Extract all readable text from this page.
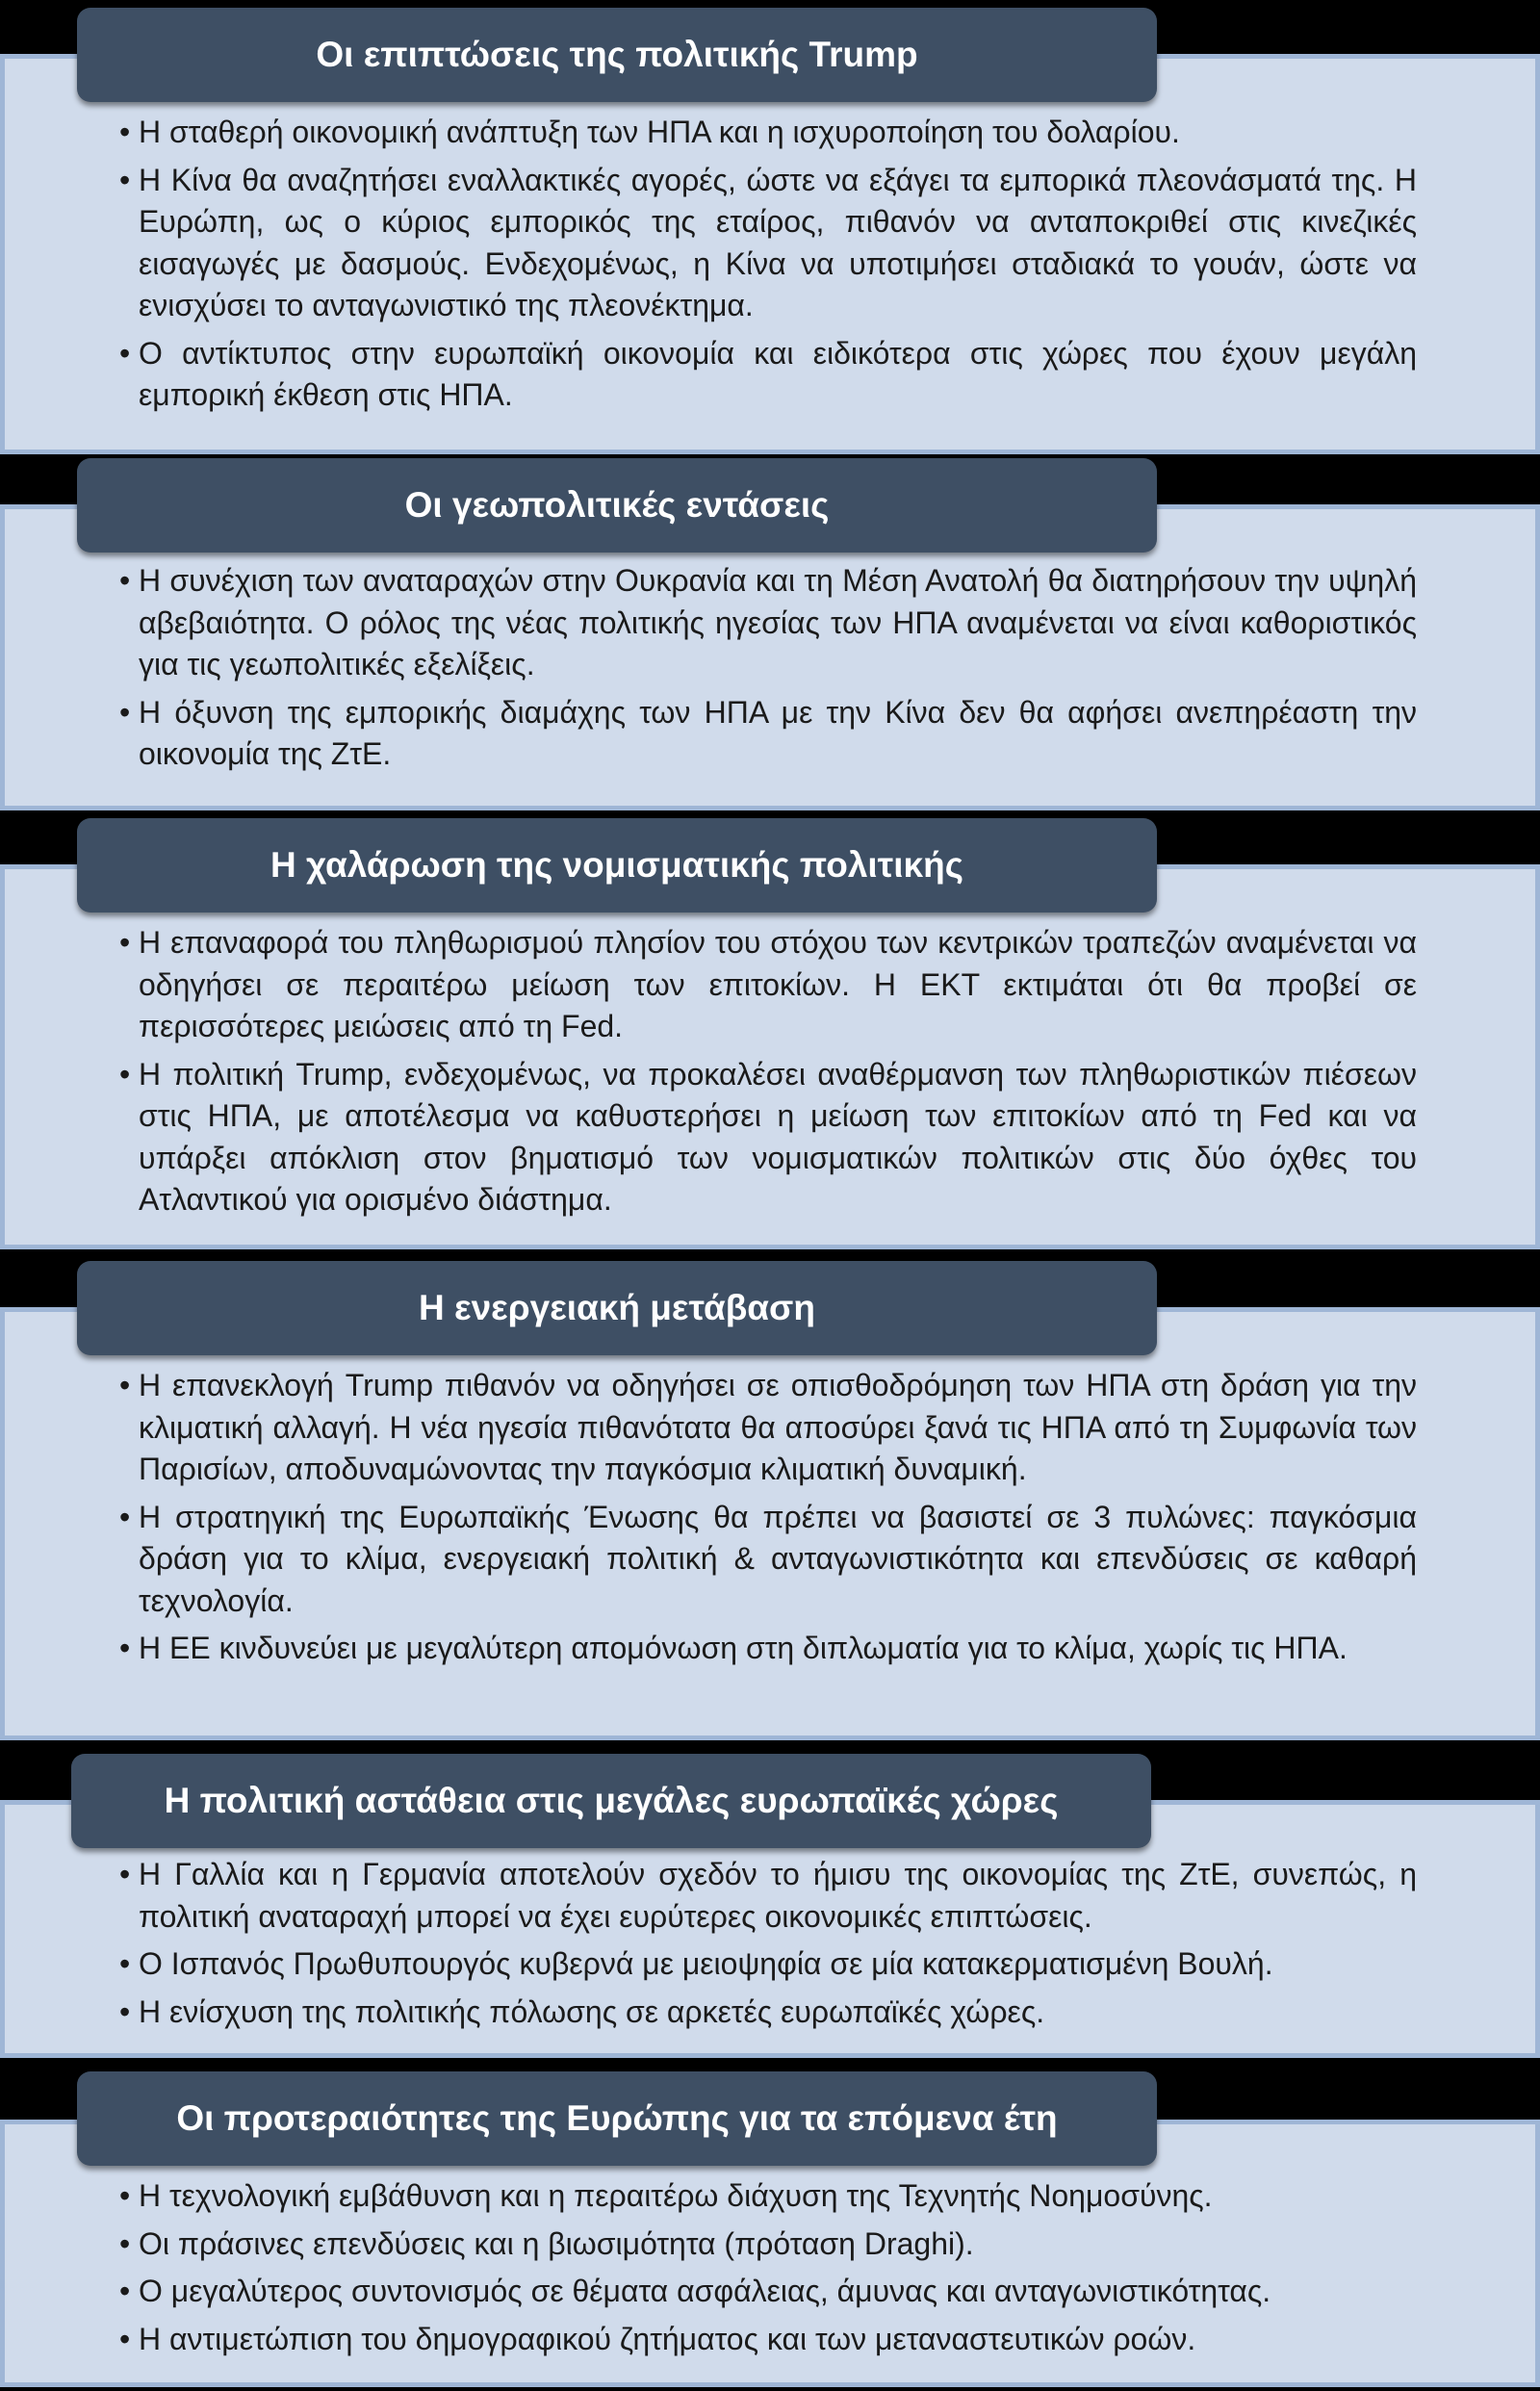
Οι επιπτώσεις της πολιτικής Trump
• Η σταθερή οικονομική ανάπτυξη των ΗΠΑ και η ισχυροποίηση του δολαρίου.
• Η Κίνα θα αναζητήσει εναλλακτικές αγορές, ώστε να εξάγει τα εμπορικά πλεονάσματά της. Η Ευρώπη, ως ο κύριος εμπορικός της εταίρος, πιθανόν να ανταποκριθεί στις κινεζικές εισαγωγές με δασμούς. Ενδεχομένως, η Κίνα να υποτιμήσει σταδιακά το γουάν, ώστε να ενισχύσει το ανταγωνιστικό της πλεονέκτημα.
• Ο αντίκτυπος στην ευρωπαϊκή οικονομία και ειδικότερα στις χώρες που έχουν μεγάλη εμπορική έκθεση στις ΗΠΑ.
Οι γεωπολιτικές εντάσεις
• Η συνέχιση των αναταραχών στην Ουκρανία και τη Μέση Ανατολή θα διατηρήσουν την υψηλή αβεβαιότητα. Ο ρόλος της νέας πολιτικής ηγεσίας των ΗΠΑ αναμένεται να είναι καθοριστικός για τις γεωπολιτικές εξελίξεις.
• Η όξυνση της εμπορικής διαμάχης των ΗΠΑ με την Κίνα δεν θα αφήσει ανεπηρέαστη την οικονομία της ΖτΕ.
Η χαλάρωση της νομισματικής πολιτικής
• Η επαναφορά του πληθωρισμού πλησίον του στόχου των κεντρικών τραπεζών αναμένεται να οδηγήσει σε περαιτέρω μείωση των επιτοκίων. Η ΕΚΤ εκτιμάται ότι θα προβεί σε περισσότερες μειώσεις από τη Fed.
• Η πολιτική Trump, ενδεχομένως, να προκαλέσει αναθέρμανση των πληθωριστικών πιέσεων στις ΗΠΑ, με αποτέλεσμα να καθυστερήσει η μείωση των επιτοκίων από τη Fed και να υπάρξει απόκλιση στον βηματισμό των νομισματικών πολιτικών στις δύο όχθες του Ατλαντικού για ορισμένο διάστημα.
Η ενεργειακή μετάβαση
• Η επανεκλογή Trump πιθανόν να οδηγήσει σε οπισθοδρόμηση των ΗΠΑ στη δράση για την κλιματική αλλαγή. Η νέα ηγεσία πιθανότατα θα αποσύρει ξανά τις ΗΠΑ από τη Συμφωνία των Παρισίων, αποδυναμώνοντας την παγκόσμια κλιματική δυναμική.
• Η στρατηγική της Ευρωπαϊκής Ένωσης θα πρέπει να βασιστεί σε 3 πυλώνες: παγκόσμια δράση για το κλίμα, ενεργειακή πολιτική & ανταγωνιστικότητα και επενδύσεις σε καθαρή τεχνολογία.
• Η ΕΕ κινδυνεύει με μεγαλύτερη απομόνωση στη διπλωματία για το κλίμα, χωρίς τις ΗΠΑ.
Η πολιτική αστάθεια στις μεγάλες ευρωπαϊκές χώρες
• Η Γαλλία και η Γερμανία αποτελούν σχεδόν το ήμισυ της οικονομίας της ΖτΕ, συνεπώς, η πολιτική αναταραχή μπορεί να έχει ευρύτερες οικονομικές επιπτώσεις.
• Ο Ισπανός Πρωθυπουργός κυβερνά με μειοψηφία σε μία κατακερματισμένη Βουλή.
• Η ενίσχυση της πολιτικής πόλωσης σε αρκετές ευρωπαϊκές χώρες.
Οι προτεραιότητες της Ευρώπης για τα επόμενα έτη
• Η τεχνολογική εμβάθυνση και η περαιτέρω διάχυση της Τεχνητής Νοημοσύνης.
• Οι πράσινες επενδύσεις και η βιωσιμότητα (πρόταση Draghi).
• Ο μεγαλύτερος συντονισμός σε θέματα ασφάλειας, άμυνας και ανταγωνιστικότητας.
• Η αντιμετώπιση του δημογραφικού ζητήματος και των μεταναστευτικών ροών.
